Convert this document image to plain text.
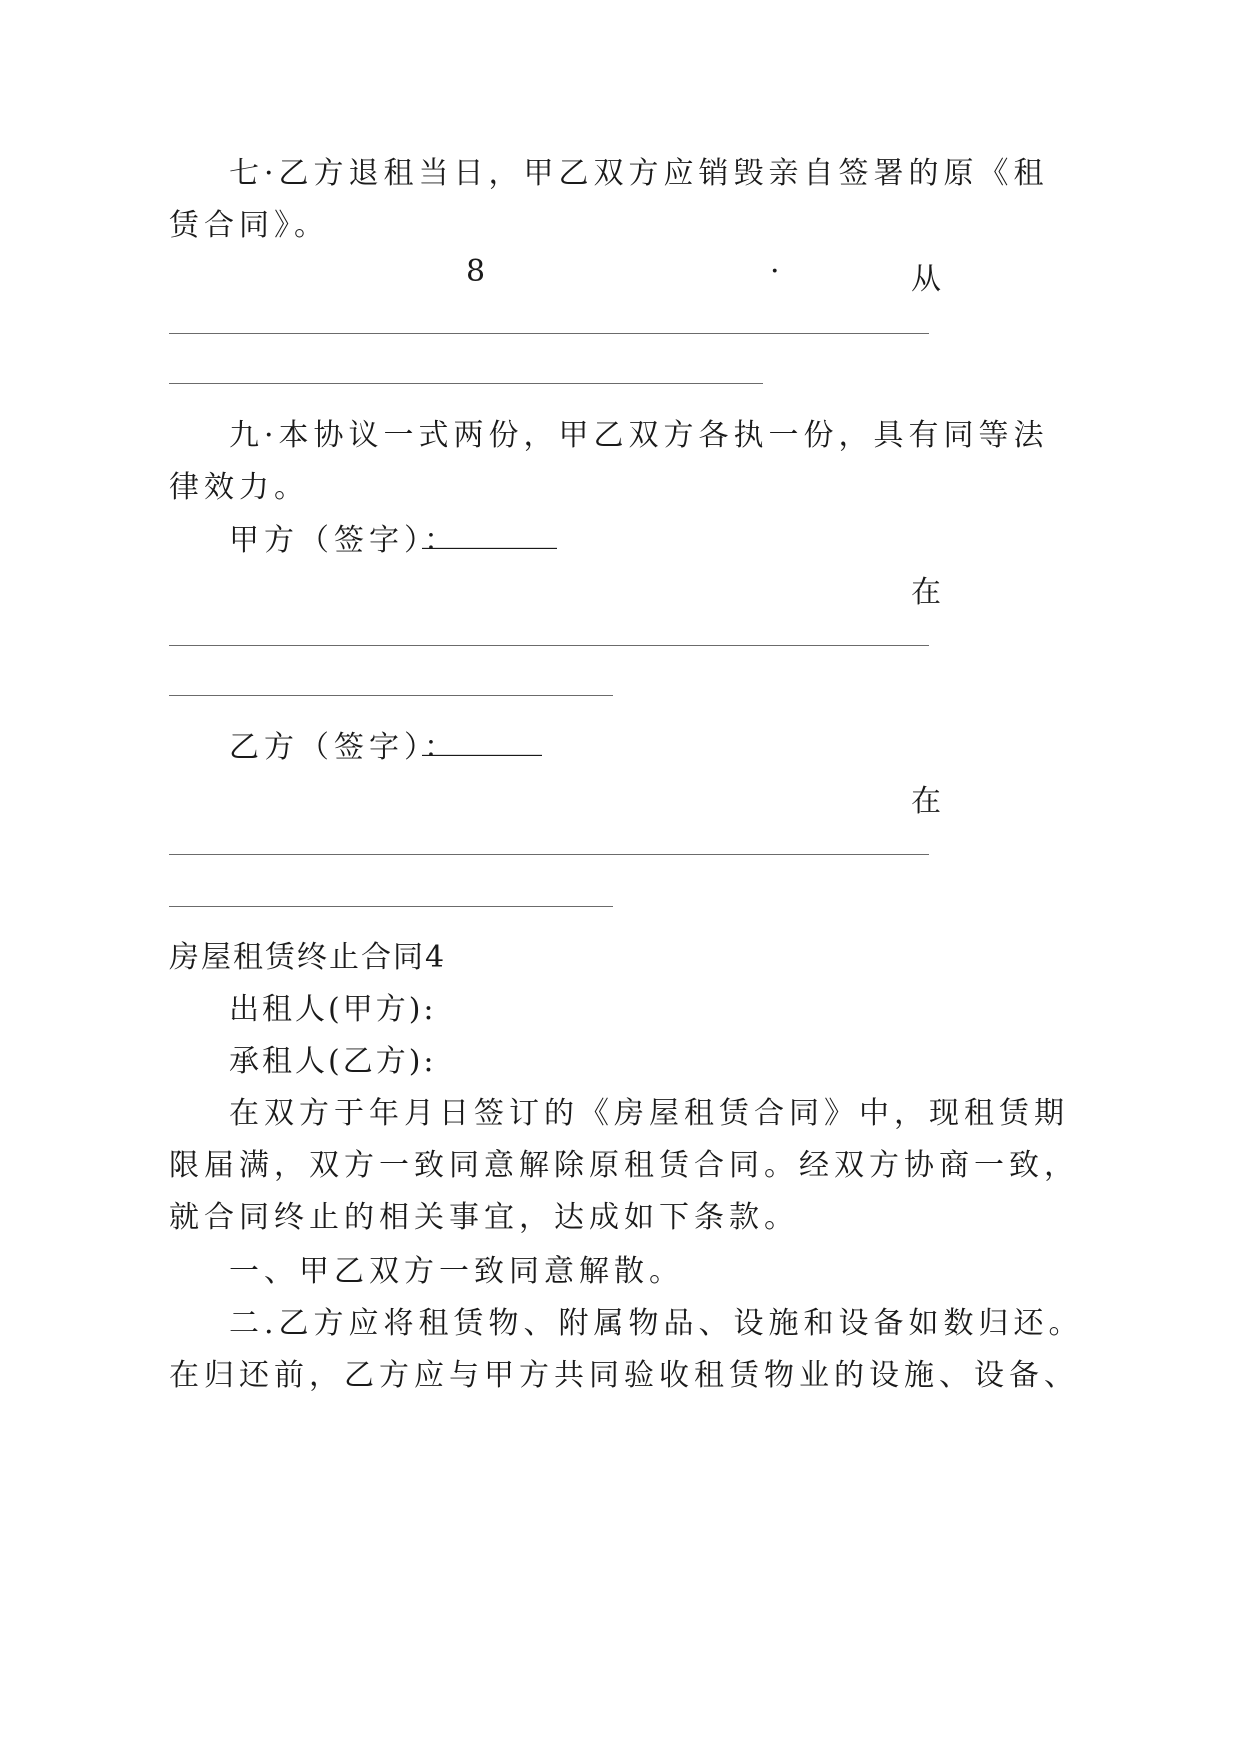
七·乙方退租当日，甲乙双方应销毁亲自签署的原《租
赁合同》。
8	·	从
九·本协议一式两份，甲乙双方各执一份，具有同等法
律效力。
甲方（签字）：
_________
在
乙方（签字）：
________
在
房屋租赁终止合同4
出租人(甲方):
承租人(乙方):
在双方于年月日签订的《房屋租赁合同》中，现租赁期
限届满，双方一致同意解除原租赁合同。经双方协商一致，
就合同终止的相关事宜，达成如下条款。
一、甲乙双方一致同意解散。
二.乙方应将租赁物、附属物品、设施和设备如数归还。
在归还前，乙方应与甲方共同验收租赁物业的设施、设备、
